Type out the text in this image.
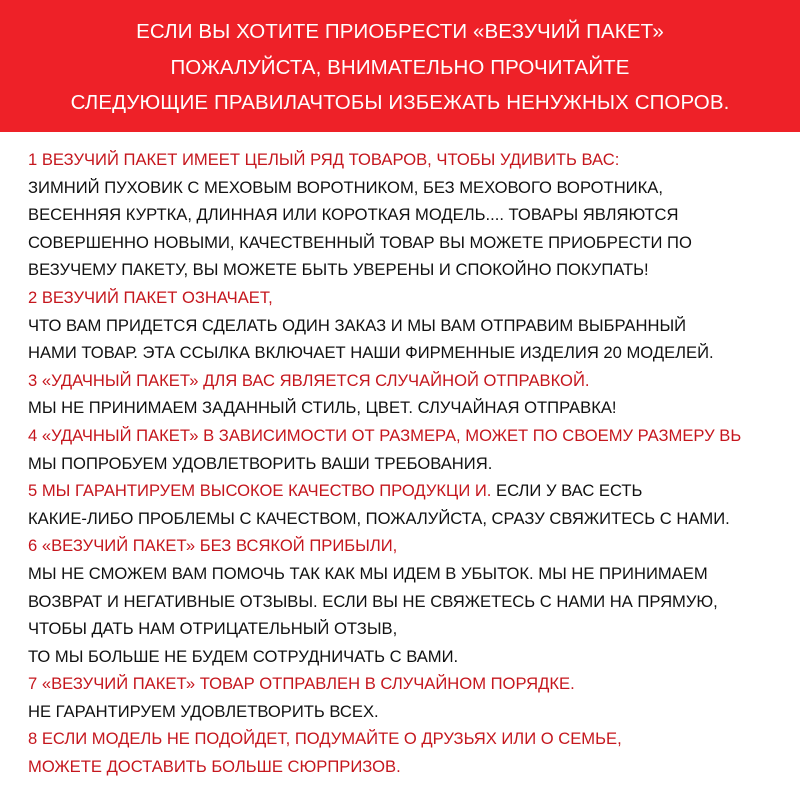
ЕСЛИ ВЫ ХОТИТЕ ПРИОБРЕСТИ «ВЕЗУЧИЙ ПАКЕТ»
ПОЖАЛУЙСТА, ВНИМАТЕЛЬНО ПРОЧИТАЙТЕ
СЛЕДУЮЩИЕ ПРАВИЛАЧТОБЫ ИЗБЕЖАТЬ НЕНУЖНЫХ СПОРОВ.
1 ВЕЗУЧИЙ ПАКЕТ ИМЕЕТ ЦЕЛЫЙ РЯД ТОВАРОВ, ЧТОБЫ УДИВИТЬ ВАС:
ЗИМНИЙ ПУХОВИК С МЕХОВЫМ ВОРОТНИКОМ, БЕЗ МЕХОВОГО ВОРОТНИКА,
ВЕСЕННЯЯ КУРТКА, ДЛИННАЯ ИЛИ КОРОТКАЯ МОДЕЛЬ.... ТОВАРЫ ЯВЛЯЮТСЯ
СОВЕРШЕННО НОВЫМИ, КАЧЕСТВЕННЫЙ ТОВАР ВЫ МОЖЕТЕ ПРИОБРЕСТИ ПО
ВЕЗУЧЕМУ ПАКЕТУ, ВЫ МОЖЕТЕ БЫТЬ УВЕРЕНЫ И СПОКОЙНО ПОКУПАТЬ!
2 ВЕЗУЧИЙ ПАКЕТ ОЗНАЧАЕТ,
ЧТО ВАМ ПРИДЕТСЯ СДЕЛАТЬ ОДИН ЗАКАЗ И МЫ ВАМ ОТПРАВИМ ВЫБРАННЫЙ
НАМИ ТОВАР. ЭТА ССЫЛКА ВКЛЮЧАЕТ НАШИ ФИРМЕННЫЕ ИЗДЕЛИЯ 20 МОДЕЛЕЙ.
3 «УДАЧНЫЙ ПАКЕТ» ДЛЯ ВАС ЯВЛЯЕТСЯ СЛУЧАЙНОЙ ОТПРАВКОЙ.
МЫ НЕ ПРИНИМАЕМ ЗАДАННЫЙ СТИЛЬ, ЦВЕТ. СЛУЧАЙНАЯ ОТПРАВКА!
4 «УДАЧНЫЙ ПАКЕТ» В ЗАВИСИМОСТИ ОТ РАЗМЕРА, МОЖЕТ ПО СВОЕМУ РАЗМЕРУ ВЬ
МЫ ПОПРОБУЕМ УДОВЛЕТВОРИТЬ ВАШИ ТРЕБОВАНИЯ.
5 МЫ ГАРАНТИРУЕМ ВЫСОКОЕ КАЧЕСТВО ПРОДУКЦИ И. ЕСЛИ У ВАС ЕСТЬ
КАКИЕ-ЛИБО ПРОБЛЕМЫ С КАЧЕСТВОМ, ПОЖАЛУЙСТА, СРАЗУ СВЯЖИТЕСЬ С НАМИ.
6 «ВЕЗУЧИЙ ПАКЕТ» БЕЗ ВСЯКОЙ ПРИБЫЛИ,
МЫ НЕ СМОЖЕМ ВАМ ПОМОЧЬ ТАК КАК МЫ ИДЕМ В УБЫТОК. МЫ НЕ ПРИНИМАЕМ
ВОЗВРАТ И НЕГАТИВНЫЕ ОТЗЫВЫ. ЕСЛИ ВЫ НЕ СВЯЖЕТЕСЬ С НАМИ НА ПРЯМУЮ,
ЧТОБЫ ДАТЬ НАМ ОТРИЦАТЕЛЬНЫЙ ОТЗЫВ,
ТО МЫ БОЛЬШЕ НЕ БУДЕМ СОТРУДНИЧАТЬ С ВАМИ.
7 «ВЕЗУЧИЙ ПАКЕТ» ТОВАР ОТПРАВЛЕН В СЛУЧАЙНОМ ПОРЯДКЕ.
НЕ ГАРАНТИРУЕМ УДОВЛЕТВОРИТЬ ВСЕХ.
8 ЕСЛИ МОДЕЛЬ НЕ ПОДОЙДЕТ, ПОДУМАЙТЕ О ДРУЗЬЯХ ИЛИ О СЕМЬЕ,
МОЖЕТЕ ДОСТАВИТЬ БОЛЬШЕ СЮРПРИЗОВ.
